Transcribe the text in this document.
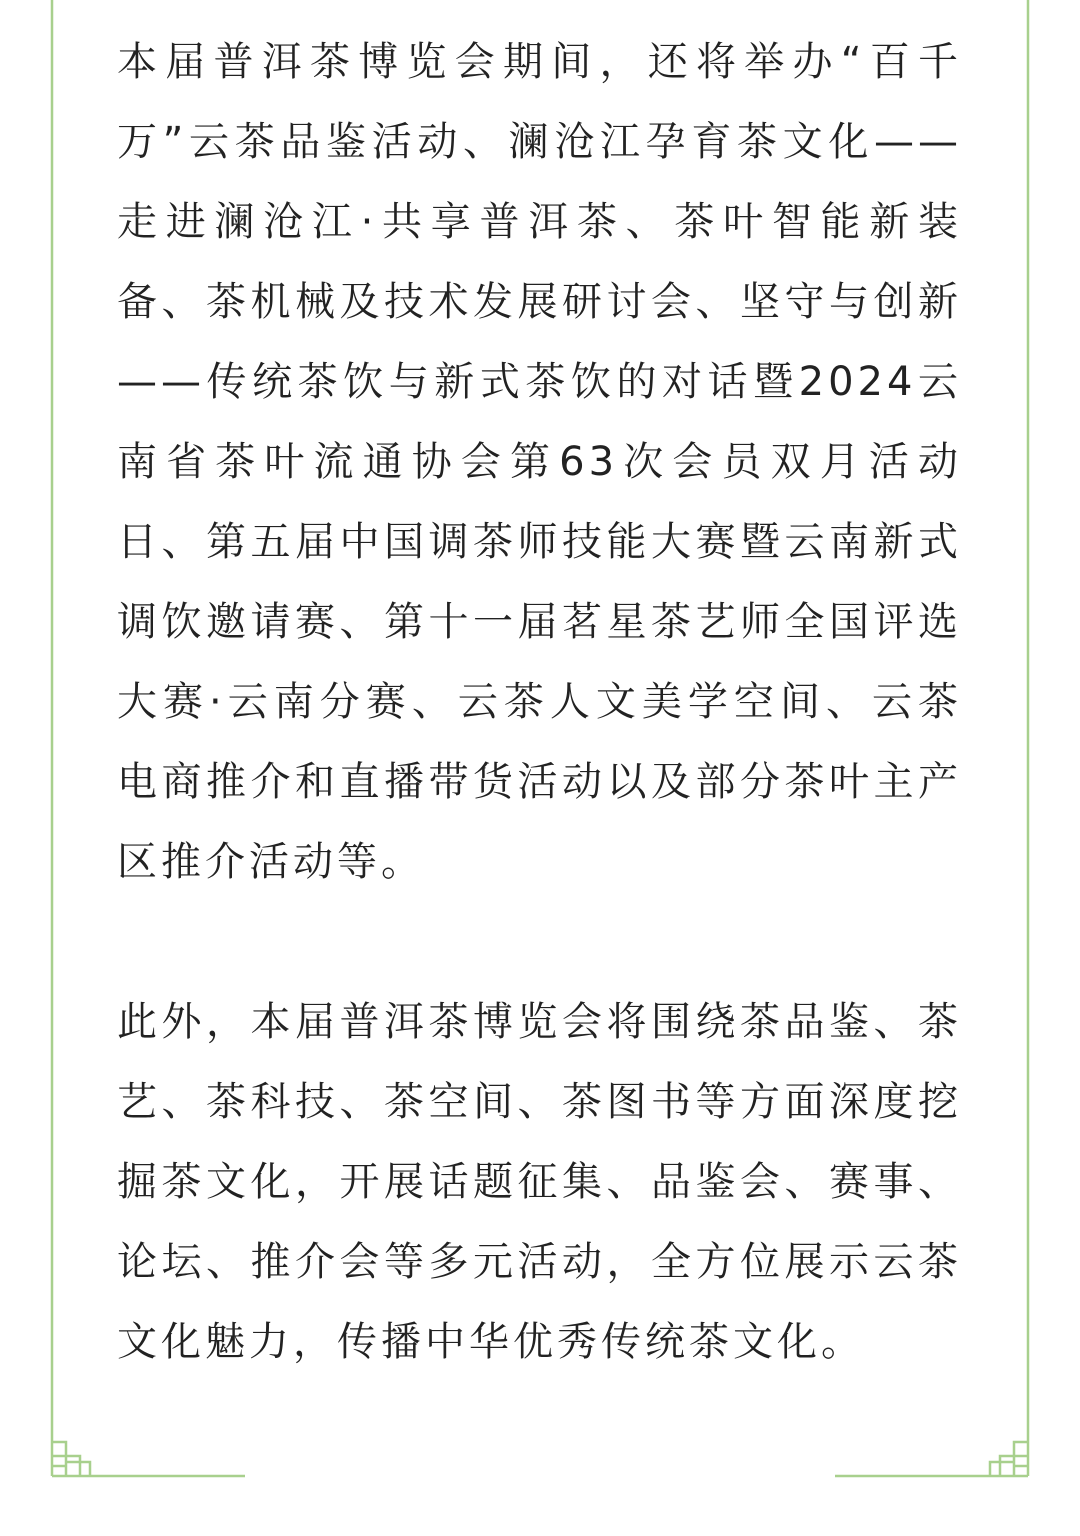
本届普洱茶博览会期间，还将举办“百千万”云茶品鉴活动、澜沧江孕育茶文化——走进澜沧江·共享普洱茶、茶叶智能新装备、茶机械及技术发展研讨会、坚守与创新——传统茶饮与新式茶饮的对话暨2024云南省茶叶流通协会第63次会员双月活动日、第五届中国调茶师技能大赛暨云南新式调饮邀请赛、第十一届茗星茶艺师全国评选大赛·云南分赛、云茶人文美学空间、云茶电商推介和直播带货活动以及部分茶叶主产区推介活动等。

此外，本届普洱茶博览会将围绕茶品鉴、茶艺、茶科技、茶空间、茶图书等方面深度挖掘茶文化，开展话题征集、品鉴会、赛事、论坛、推介会等多元活动，全方位展示云茶文化魅力，传播中华优秀传统茶文化。
